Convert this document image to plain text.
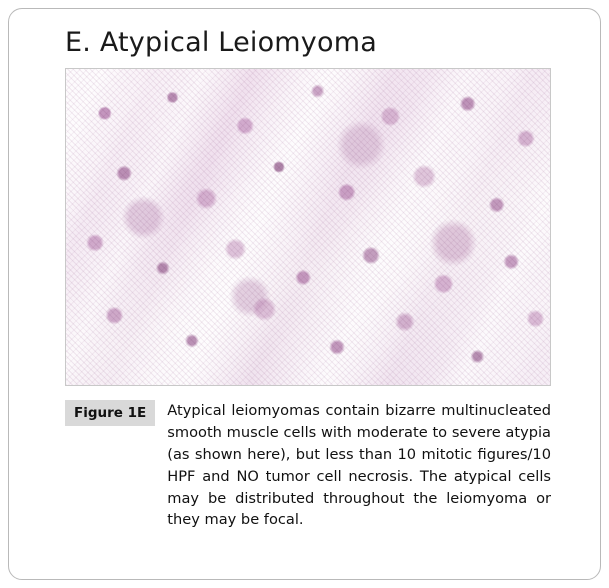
E. Atypical Leiomyoma
Figure 1E	Atypical leiomyomas contain bizarre multinucleated smooth muscle cells with moderate to severe atypia (as shown here), but less than 10 mitotic figures/10 HPF and NO tumor cell necrosis. The atypical cells may be distributed throughout the leiomyoma or they may be focal.
